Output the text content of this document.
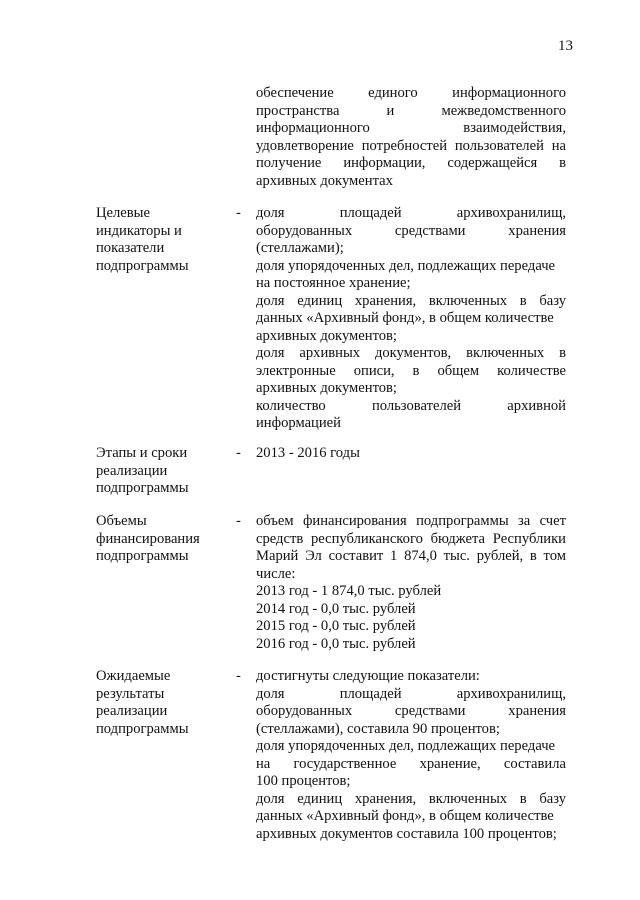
13
обеспечение единого информационного
пространства и межведомственного
информационного взаимодействия,
удовлетворение потребностей пользователей на
получение информации, содержащейся в
архивных документах
Целевые
индикаторы и
показатели
подпрограммы
- доля площадей архивохранилищ,
оборудованных средствами хранения
(стеллажами);
доля упорядоченных дел, подлежащих передаче
на постоянное хранение;
доля единиц хранения, включенных в базу
данных «Архивный фонд», в общем количестве
архивных документов;
доля архивных документов, включенных в
электронные описи, в общем количестве
архивных документов;
количество пользователей архивной
информацией
Этапы и сроки
реализации
подпрограммы
- 2013 - 2016 годы
Объемы
финансирования
подпрограммы
- объем финансирования подпрограммы за счет
средств республиканского бюджета Республики
Марий Эл составит 1 874,0 тыс. рублей, в том
числе:
2013 год - 1 874,0 тыс. рублей
2014 год - 0,0 тыс. рублей
2015 год - 0,0 тыс. рублей
2016 год - 0,0 тыс. рублей
Ожидаемые
результаты
реализации
подпрограммы
- достигнуты следующие показатели:
доля площадей архивохранилищ,
оборудованных средствами хранения
(стеллажами), составила 90 процентов;
доля упорядоченных дел, подлежащих передаче
на государственное хранение, составила
100 процентов;
доля единиц хранения, включенных в базу
данных «Архивный фонд», в общем количестве
архивных документов составила 100 процентов;
